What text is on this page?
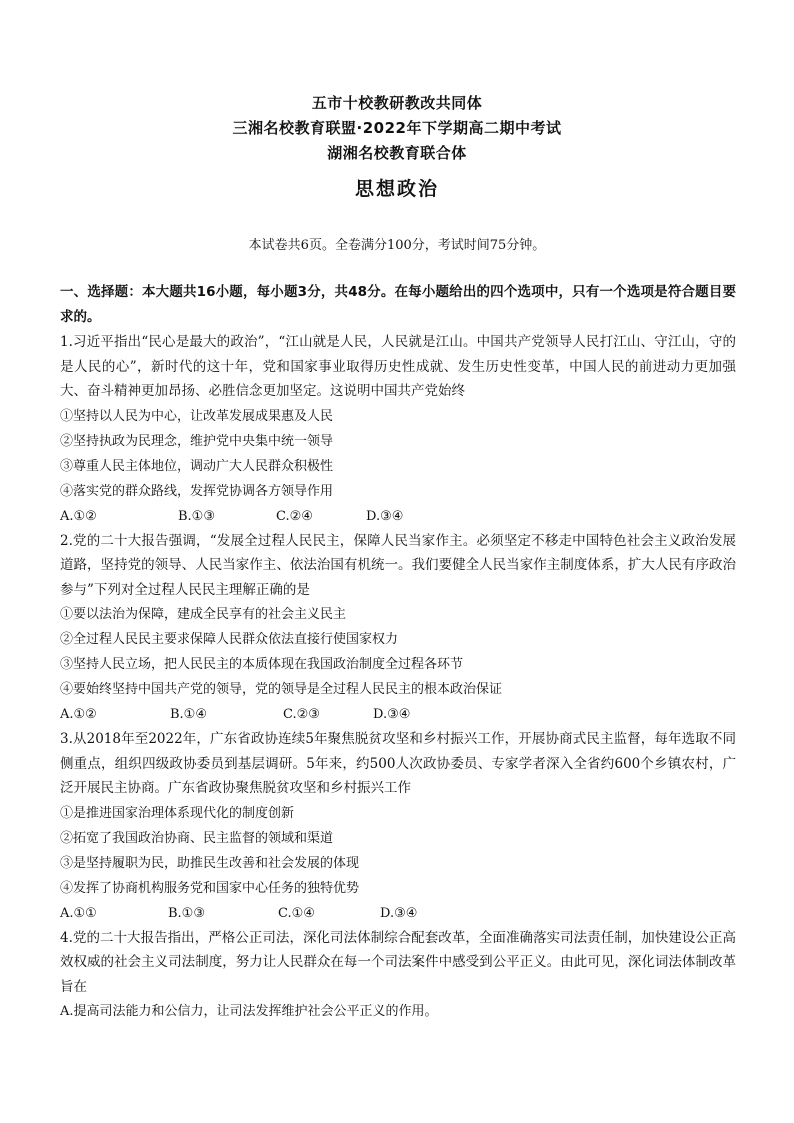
五市十校教研教改共同体
三湘名校教育联盟·2022年下学期高二期中考试
湖湘名校教育联合体
思想政治
本试卷共6页。全卷满分100分，考试时间75分钟。

一、选择题：本大题共16小题，每小题3分，共48分。在每小题给出的四个选项中，只有一个选项是符合题目要求的。

1.习近平指出“民心是最大的政治”，“江山就是人民，人民就是江山。中国共产党领导人民打江山、守江山，守的是人民的心”，新时代的这十年，党和国家事业取得历史性成就、发生历史性变革，中国人民的前进动力更加强大、奋斗精神更加昂扬、必胜信念更加坚定。这说明中国共产党始终

①坚持以人民为中心，让改革发展成果惠及人民

②坚持执政为民理念，维护党中央集中统一领导

③尊重人民主体地位，调动广大人民群众积极性

④落实党的群众路线，发挥党协调各方领导作用

A.①②	B.①③	C.②④	D.③④

2.党的二十大报告强调，“发展全过程人民民主，保障人民当家作主。必须坚定不移走中国特色社会主义政治发展道路，坚持党的领导、人民当家作主、依法治国有机统一。我们要健全人民当家作主制度体系，扩大人民有序政治参与”下列对全过程人民民主理解正确的是

①要以法治为保障，建成全民享有的社会主义民主

②全过程人民民主要求保障人民群众依法直接行使国家权力

③坚持人民立场，把人民民主的本质体现在我国政治制度全过程各环节

④要始终坚持中国共产党的领导，党的领导是全过程人民民主的根本政治保证

A.①②	B.①④	C.②③	D.③④

3.从2018年至2022年，广东省政协连续5年聚焦脱贫攻坚和乡村振兴工作，开展协商式民主监督，每年选取不同侧重点，组织四级政协委员到基层调研。5年来，约500人次政协委员、专家学者深入全省约600个乡镇农村，广泛开展民主协商。广东省政协聚焦脱贫攻坚和乡村振兴工作

①是推进国家治理体系现代化的制度创新

②拓宽了我国政治协商、民主监督的领域和渠道

③是坚持履职为民，助推民生改善和社会发展的体现

④发挥了协商机构服务党和国家中心任务的独特优势

A.①①	B.①③	C.①④	D.③④

4.党的二十大报告指出，严格公正司法，深化司法体制综合配套改革，全面准确落实司法责任制，加快建设公正高效权威的社会主义司法制度，努力让人民群众在每一个司法案件中感受到公平正义。由此可见，深化词法体制改革旨在

A.提高司法能力和公信力，让司法发挥维护社会公平正义的作用。
